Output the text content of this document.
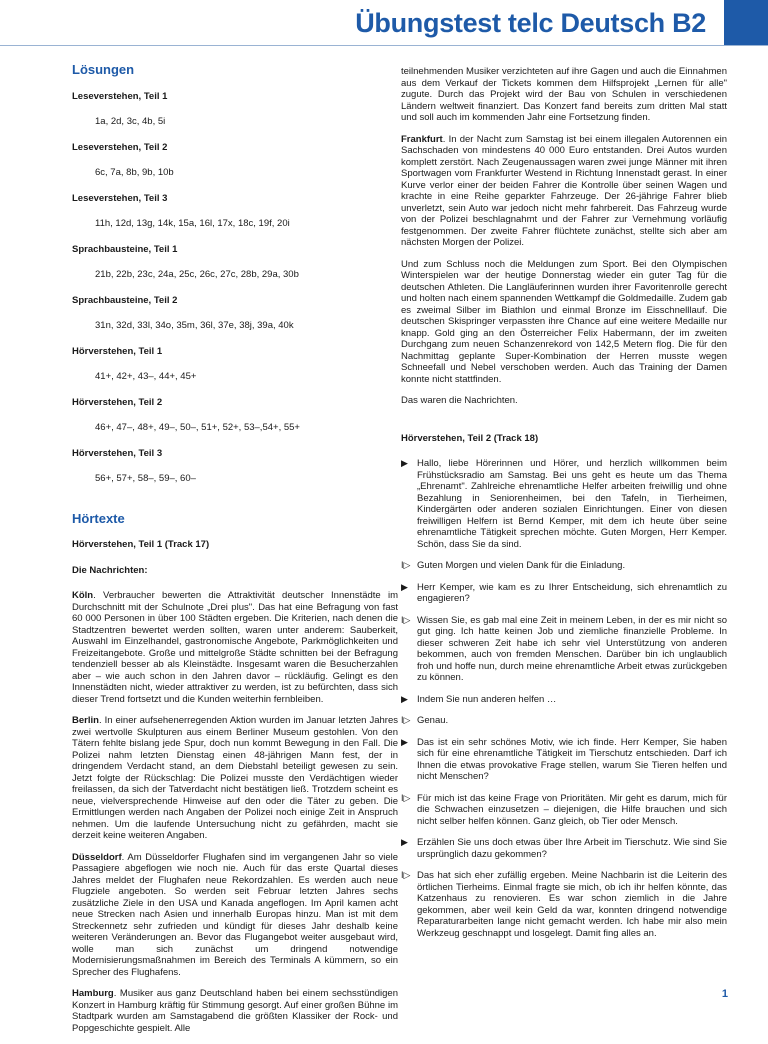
Übungstest telc Deutsch B2
Lösungen

Leseverstehen, Teil 1

1a, 2d, 3c, 4b, 5i

Leseverstehen, Teil 2

6c, 7a, 8b, 9b, 10b

Leseverstehen, Teil 3

11h, 12d, 13g, 14k, 15a, 16l, 17x, 18c, 19f, 20i

Sprachbausteine, Teil 1

21b, 22b, 23c, 24a, 25c, 26c, 27c, 28b, 29a, 30b

Sprachbausteine, Teil 2

31n, 32d, 33l, 34o, 35m, 36l, 37e, 38j, 39a, 40k

Hörverstehen, Teil 1

41+, 42+, 43–, 44+, 45+

Hörverstehen, Teil 2

46+, 47–, 48+, 49–, 50–, 51+, 52+, 53–,54+, 55+

Hörverstehen, Teil 3

56+, 57+, 58–, 59–, 60–

Hörtexte

Hörverstehen, Teil 1 (Track 17)

Die Nachrichten:

Köln. Verbraucher bewerten die Attraktivität deutscher Innenstädte im Durchschnitt mit der Schulnote „Drei plus". Das hat eine Befragung von fast 60 000 Personen in über 100 Städten ergeben. Die Kriterien, nach denen die Stadtzentren bewertet werden sollten, waren unter anderem: Sauberkeit, Auswahl im Einzelhandel, gastronomische Angebote, Parkmöglichkeiten und Freizeitangebote. Große und mittelgroße Städte schnitten bei der Befragung tendenziell besser ab als Kleinstädte. Insgesamt waren die Besucherzahlen aber – wie auch schon in den Jahren davor – rückläufig. Gelingt es den Innenstädten nicht, wieder attraktiver zu werden, ist zu befürchten, dass sich dieser Trend fortsetzt und die Kunden weiterhin fernbleiben.

Berlin. In einer aufsehenerregenden Aktion wurden im Januar letzten Jahres zwei wertvolle Skulpturen aus einem Berliner Museum gestohlen. Von den Tätern fehlte bislang jede Spur, doch nun kommt Bewegung in den Fall. Die Polizei nahm letzten Dienstag einen 48-jährigen Mann fest, der in dringendem Verdacht stand, an dem Diebstahl beteiligt gewesen zu sein. Jetzt folgte der Rückschlag: Die Polizei musste den Verdächtigen wieder freilassen, da sich der Tatverdacht nicht bestätigen ließ. Trotzdem scheint es neue, vielversprechende Hinweise auf den oder die Täter zu geben. Die Ermittlungen werden nach Angaben der Polizei noch einige Zeit in Anspruch nehmen. Um die laufende Untersuchung nicht zu gefährden, macht sie derzeit keine weiteren Angaben.

Düsseldorf. Am Düsseldorfer Flughafen sind im vergangenen Jahr so viele Passagiere abgeflogen wie noch nie. Auch für das erste Quartal dieses Jahres meldet der Flughafen neue Rekordzahlen. Es werden auch neue Flugziele angeboten. So werden seit Februar letzten Jahres sechs zusätzliche Ziele in den USA und Kanada angeflogen. Im April kamen acht neue Strecken nach Asien und innerhalb Europas hinzu. Man ist mit dem Streckennetz sehr zufrieden und kündigt für dieses Jahr deshalb keine weiteren Veränderungen an. Bevor das Flugangebot weiter ausgebaut wird, wolle man sich zunächst um dringend notwendige Modernisierungsmaßnahmen im Bereich des Terminals A kümmern, so ein Sprecher des Flughafens.

Hamburg. Musiker aus ganz Deutschland haben bei einem sechsstündigen Konzert in Hamburg kräftig für Stimmung gesorgt. Auf einer großen Bühne im Stadtpark wurden am Samstagabend die größten Klassiker der Rock- und Popgeschichte gespielt. Alle

teilnehmenden Musiker verzichteten auf ihre Gagen und auch die Einnahmen aus dem Verkauf der Tickets kommen dem Hilfsprojekt „Lernen für alle" zugute. Durch das Projekt wird der Bau von Schulen in verschiedenen Ländern weltweit finanziert. Das Konzert fand bereits zum dritten Mal statt und soll auch im kommenden Jahr eine Fortsetzung finden.

Frankfurt. In der Nacht zum Samstag ist bei einem illegalen Autorennen ein Sachschaden von mindestens 40 000 Euro entstanden. Drei Autos wurden komplett zerstört. Nach Zeugenaussagen waren zwei junge Männer mit ihren Sportwagen vom Frankfurter Westend in Richtung Innenstadt gerast. In einer Kurve verlor einer der beiden Fahrer die Kontrolle über seinen Wagen und krachte in eine Reihe geparkter Fahrzeuge. Der 26-jährige Fahrer blieb unverletzt, sein Auto war jedoch nicht mehr fahrbereit. Das Fahrzeug wurde von der Polizei beschlagnahmt und der Fahrer zur Vernehmung vorläufig festgenommen. Der zweite Fahrer flüchtete zunächst, stellte sich aber am nächsten Morgen der Polizei.

Und zum Schluss noch die Meldungen zum Sport. Bei den Olympischen Winterspielen war der heutige Donnerstag wieder ein guter Tag für die deutschen Athleten. Die Langläuferinnen wurden ihrer Favoritenrolle gerecht und holten nach einem spannenden Wettkampf die Goldmedaille. Zudem gab es zweimal Silber im Biathlon und einmal Bronze im Eisschnelllauf. Die deutschen Skispringer verpassten ihre Chance auf eine weitere Medaille nur knapp. Gold ging an den Österreicher Felix Habermann, der im zweiten Durchgang zum neuen Schanzenrekord von 142,5 Metern flog. Die für den Nachmittag geplante Super-Kombination der Herren musste wegen Schneefall und Nebel verschoben werden. Auch das Training der Damen konnte nicht stattfinden.

Das waren die Nachrichten.

Hörverstehen, Teil 2 (Track 18)

▶ Hallo, liebe Hörerinnen und Hörer, und herzlich willkommen beim Frühstücksradio am Samstag. Bei uns geht es heute um das Thema „Ehrenamt". Zahlreiche ehrenamtliche Helfer arbeiten freiwillig und ohne Bezahlung in Seniorenheimen, bei den Tafeln, in Tierheimen, Kindergärten oder anderen sozialen Einrichtungen. Einer von diesen freiwilligen Helfern ist Bernd Kemper, mit dem ich heute über seine ehrenamtliche Tätigkeit sprechen möchte. Guten Morgen, Herr Kemper. Schön, dass Sie da sind.

I▷ Guten Morgen und vielen Dank für die Einladung.

▶ Herr Kemper, wie kam es zu Ihrer Entscheidung, sich ehrenamtlich zu engagieren?

I▷ Wissen Sie, es gab mal eine Zeit in meinem Leben, in der es mir nicht so gut ging. Ich hatte keinen Job und ziemliche finanzielle Probleme. In dieser schweren Zeit habe ich sehr viel Unterstützung von anderen bekommen, auch von fremden Menschen. Darüber bin ich unglaublich froh und hoffe nun, durch meine ehrenamtliche Arbeit etwas zurückgeben zu können.

▶ Indem Sie nun anderen helfen …

I▷ Genau.

▶ Das ist ein sehr schönes Motiv, wie ich finde. Herr Kemper, Sie haben sich für eine ehrenamtliche Tätigkeit im Tierschutz entschieden. Darf ich Ihnen die etwas provokative Frage stellen, warum Sie Tieren helfen und nicht Menschen?

I▷ Für mich ist das keine Frage von Prioritäten. Mir geht es darum, mich für die Schwachen einzusetzen – diejenigen, die Hilfe brauchen und sich nicht selber helfen können. Ganz gleich, ob Tier oder Mensch.

▶ Erzählen Sie uns doch etwas über Ihre Arbeit im Tierschutz. Wie sind Sie ursprünglich dazu gekommen?

I▷ Das hat sich eher zufällig ergeben. Meine Nachbarin ist die Leiterin des örtlichen Tierheims. Einmal fragte sie mich, ob ich ihr helfen könnte, das Katzenhaus zu renovieren. Es war schon ziemlich in die Jahre gekommen, aber weil kein Geld da war, konnten dringend notwendige Reparaturarbeiten lange nicht gemacht werden. Ich habe mir also mein Werkzeug geschnappt und losgelegt. Damit fing alles an.

1
